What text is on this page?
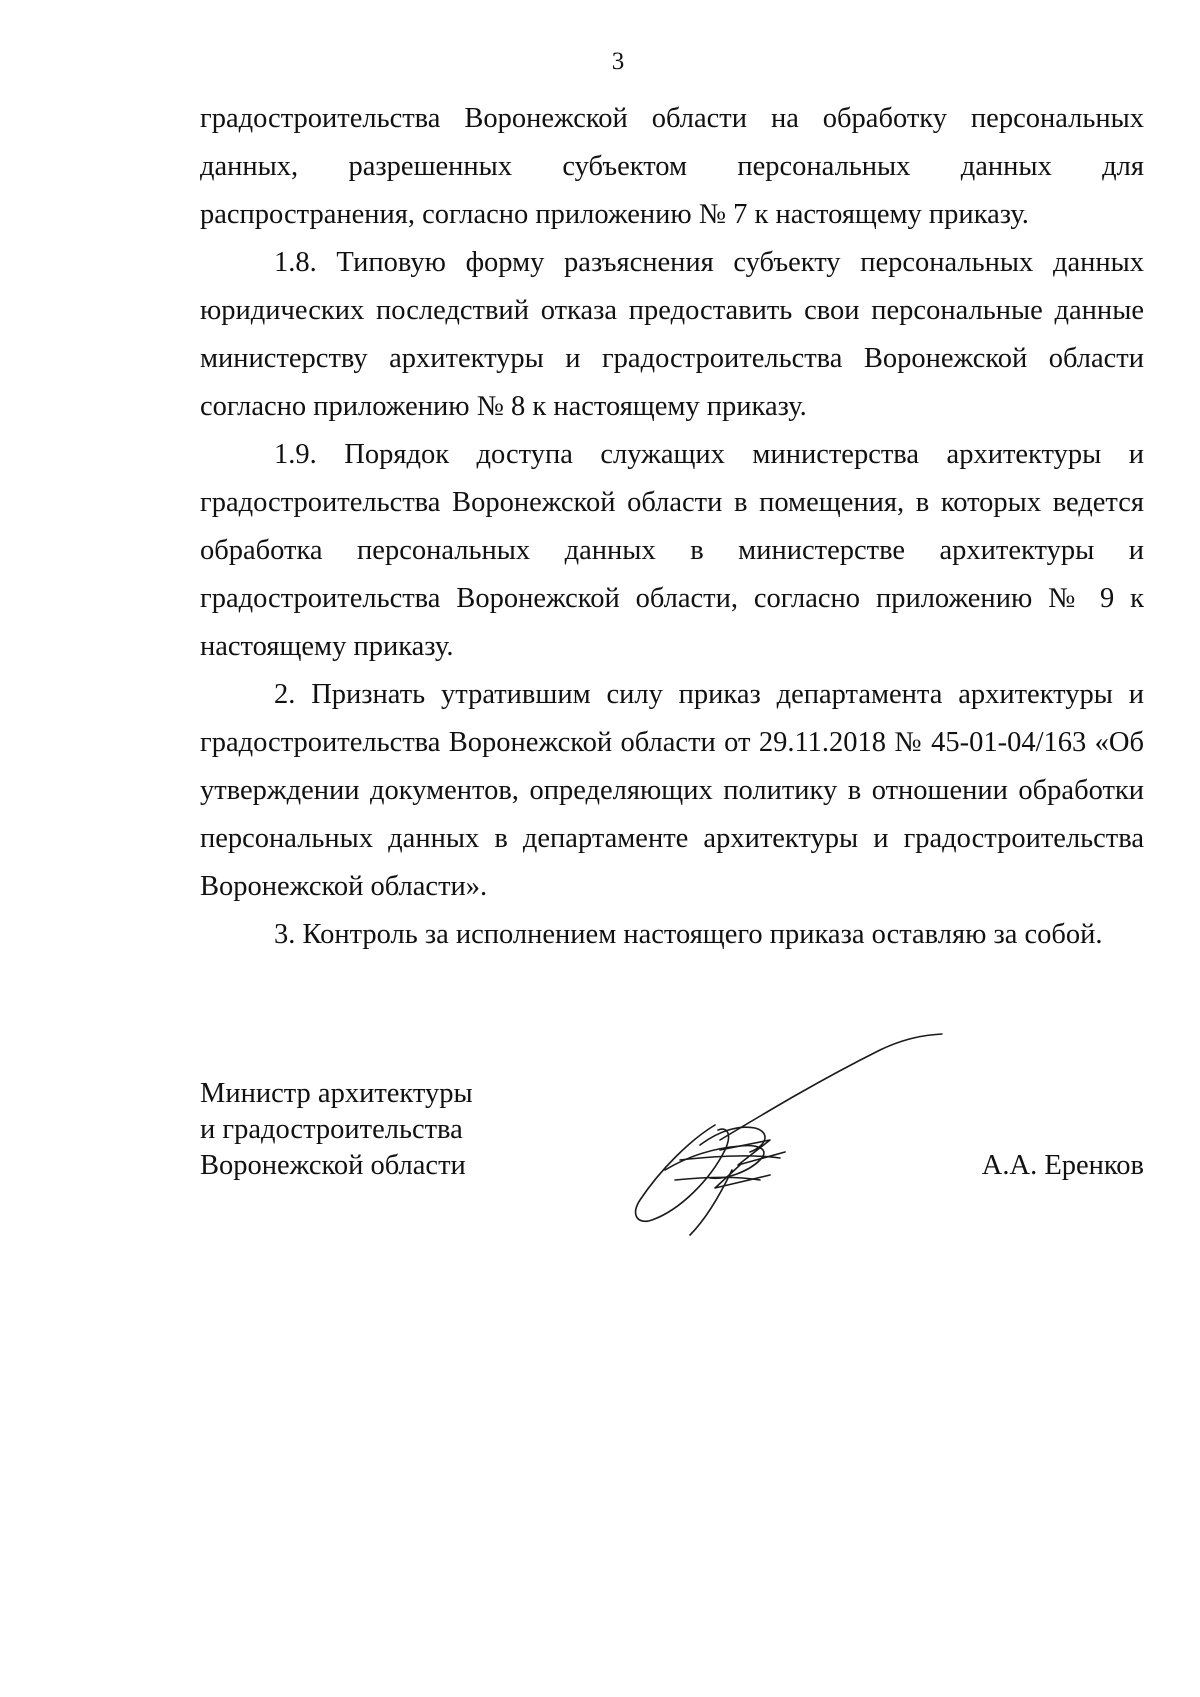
3

градостроительства Воронежской области на обработку персональных данных, разрешенных субъектом персональных данных для распространения, согласно приложению № 7 к настоящему приказу.

1.8. Типовую форму разъяснения субъекту персональных данных юридических последствий отказа предоставить свои персональные данные министерству архитектуры и градостроительства Воронежской области согласно приложению № 8 к настоящему приказу.

1.9. Порядок доступа служащих министерства архитектуры и градостроительства Воронежской области в помещения, в которых ведется обработка персональных данных в министерстве архитектуры и градостроительства Воронежской области, согласно приложению № 9 к настоящему приказу.

2. Признать утратившим силу приказ департамента архитектуры и градостроительства Воронежской области от 29.11.2018 № 45-01-04/163 «Об утверждении документов, определяющих политику в отношении обработки персональных данных в департаменте архитектуры и градостроительства Воронежской области».

3. Контроль за исполнением настоящего приказа оставляю за собой.

Министр архитектуры
и градостроительства
Воронежской области	А.А. Еренков
